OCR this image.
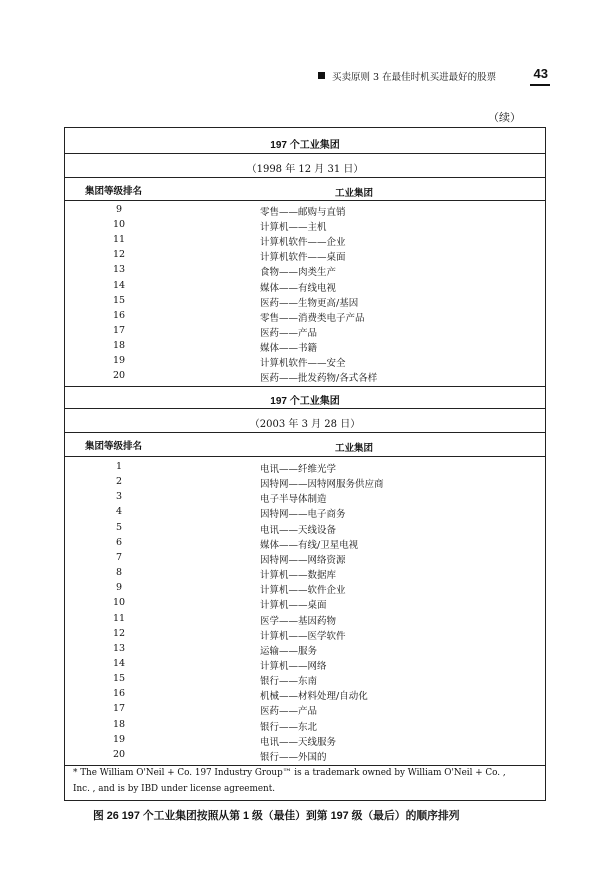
买卖原则 3 在最佳时机买进最好的股票	43
（续）
197 个工业集团
（1998 年 12 月 31 日）
集团等级排名	工业集团
9	零售——邮购与直销
10	计算机——主机
11	计算机软件——企业
12	计算机软件——桌面
13	食物——肉类生产
14	媒体——有线电视
15	医药——生物更高/基因
16	零售——消费类电子产品
17	医药——产品
18	媒体——书籍
19	计算机软件——安全
20	医药——批发药物/各式各样
197 个工业集团
（2003 年 3 月 28 日）
集团等级排名	工业集团
1	电讯——纤维光学
2	因特网——因特网服务供应商
3	电子半导体制造
4	因特网——电子商务
5	电讯——天线设备
6	媒体——有线/卫星电视
7	因特网——网络资源
8	计算机——数据库
9	计算机——软件企业
10	计算机——桌面
11	医学——基因药物
12	计算机——医学软件
13	运输——服务
14	计算机——网络
15	银行——东南
16	机械——材料处理/自动化
17	医药——产品
18	银行——东北
19	电讯——天线服务
20	银行——外国的
* The William O'Neil + Co. 197 Industry Group™ is a trademark owned by William O'Neil + Co. ,
Inc. , and is by IBD under license agreement.
图 26 197 个工业集团按照从第 1 级（最佳）到第 197 级（最后）的顺序排列
